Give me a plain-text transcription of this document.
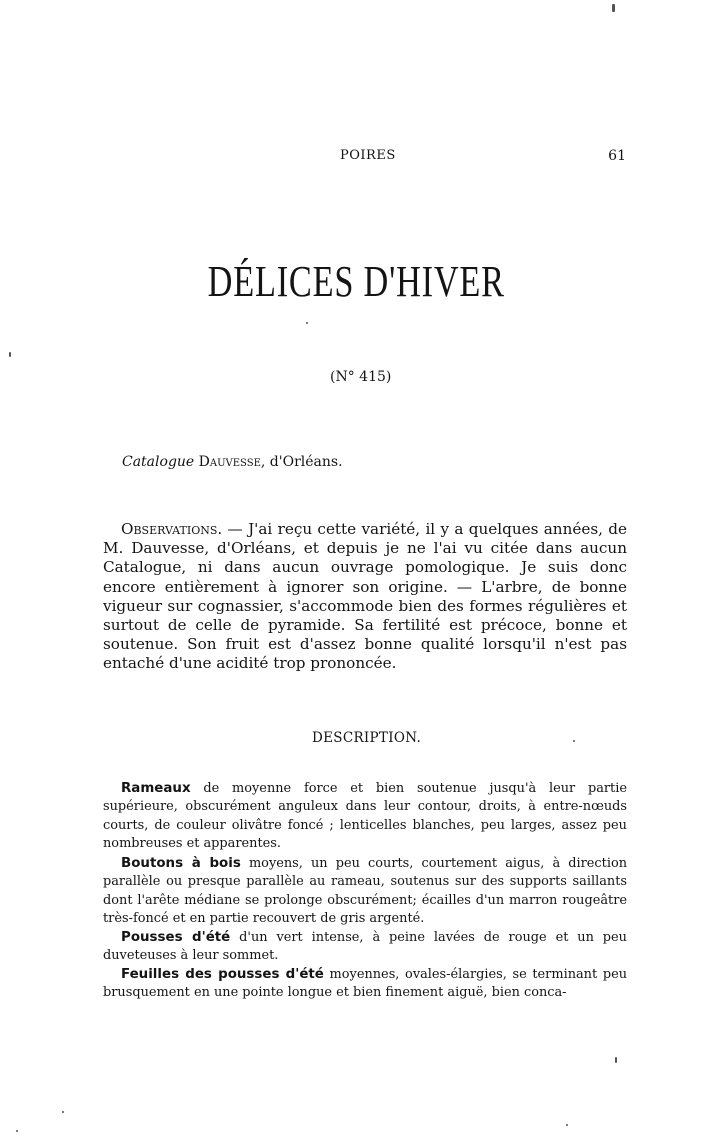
POIRES	61
DÉLICES D'HIVER
(N° 415)
Catalogue Dauvesse, d'Orléans.
Observations. — J'ai reçu cette variété, il y a quelques années, de M. Dauvesse, d'Orléans, et depuis je ne l'ai vu citée dans aucun Catalogue, ni dans aucun ouvrage pomologique. Je suis donc encore entièrement à ignorer son origine. — L'arbre, de bonne vigueur sur cognassier, s'accommode bien des formes régulières et surtout de celle de pyramide. Sa fertilité est précoce, bonne et soutenue. Son fruit est d'assez bonne qualité lorsqu'il n'est pas entaché d'une acidité trop prononcée.
DESCRIPTION.
Rameaux de moyenne force et bien soutenue jusqu'à leur partie supérieure, obscurément anguleux dans leur contour, droits, à entre-nœuds courts, de couleur olivâtre foncé ; lenticelles blanches, peu larges, assez peu nombreuses et apparentes.
Boutons à bois moyens, un peu courts, courtement aigus, à direction parallèle ou presque parallèle au rameau, soutenus sur des supports saillants dont l'arête médiane se prolonge obscurément; écailles d'un marron rougeâtre très-foncé et en partie recouvert de gris argenté.
Pousses d'été d'un vert intense, à peine lavées de rouge et un peu duveteuses à leur sommet.
Feuilles des pousses d'été moyennes, ovales-élargies, se terminant peu brusquement en une pointe longue et bien finement aiguë, bien conca-
